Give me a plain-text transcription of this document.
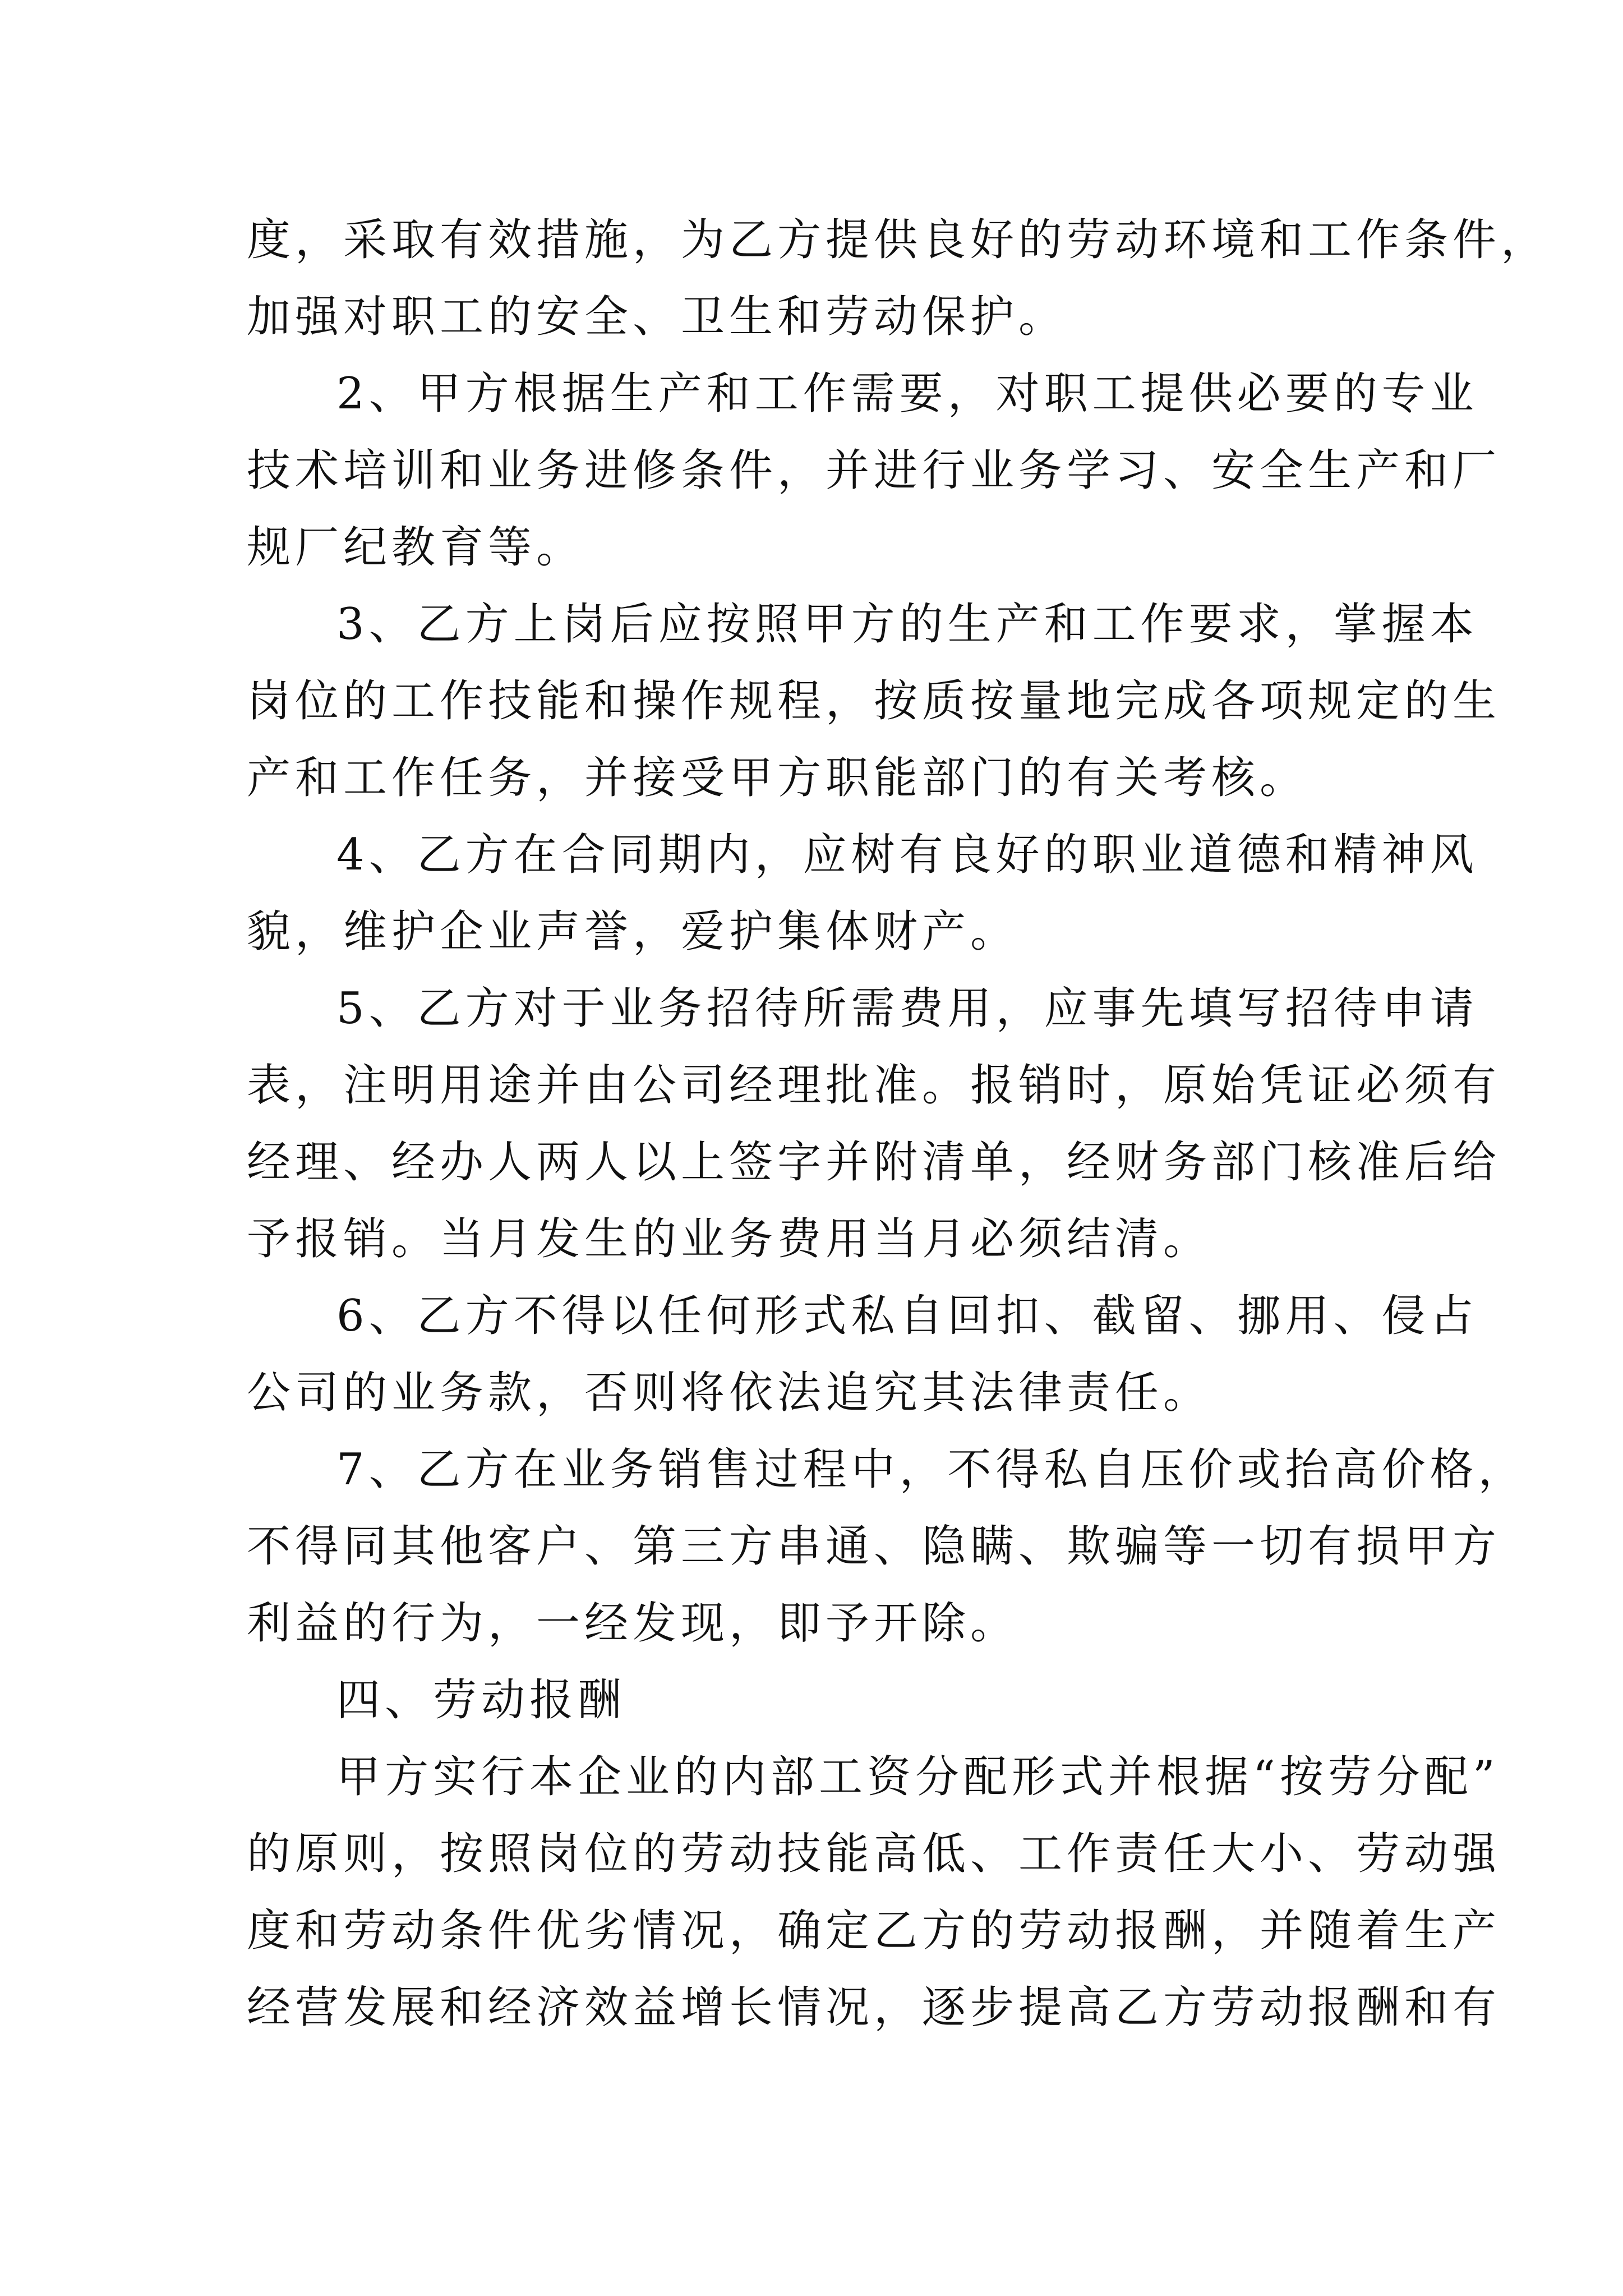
度，采取有效措施，为乙方提供良好的劳动环境和工作条件，
加强对职工的安全、卫生和劳动保护。
2、甲方根据生产和工作需要，对职工提供必要的专业
技术培训和业务进修条件，并进行业务学习、安全生产和厂
规厂纪教育等。
3、乙方上岗后应按照甲方的生产和工作要求，掌握本
岗位的工作技能和操作规程，按质按量地完成各项规定的生
产和工作任务，并接受甲方职能部门的有关考核。
4、乙方在合同期内，应树有良好的职业道德和精神风
貌，维护企业声誉，爱护集体财产。
5、乙方对于业务招待所需费用，应事先填写招待申请
表，注明用途并由公司经理批准。报销时，原始凭证必须有
经理、经办人两人以上签字并附清单，经财务部门核准后给
予报销。当月发生的业务费用当月必须结清。
6、乙方不得以任何形式私自回扣、截留、挪用、侵占
公司的业务款，否则将依法追究其法律责任。
7、乙方在业务销售过程中，不得私自压价或抬高价格，
不得同其他客户、第三方串通、隐瞒、欺骗等一切有损甲方
利益的行为，一经发现，即予开除。
四、劳动报酬
甲方实行本企业的内部工资分配形式并根据“按劳分配”
的原则，按照岗位的劳动技能高低、工作责任大小、劳动强
度和劳动条件优劣情况，确定乙方的劳动报酬，并随着生产
经营发展和经济效益增长情况，逐步提高乙方劳动报酬和有
